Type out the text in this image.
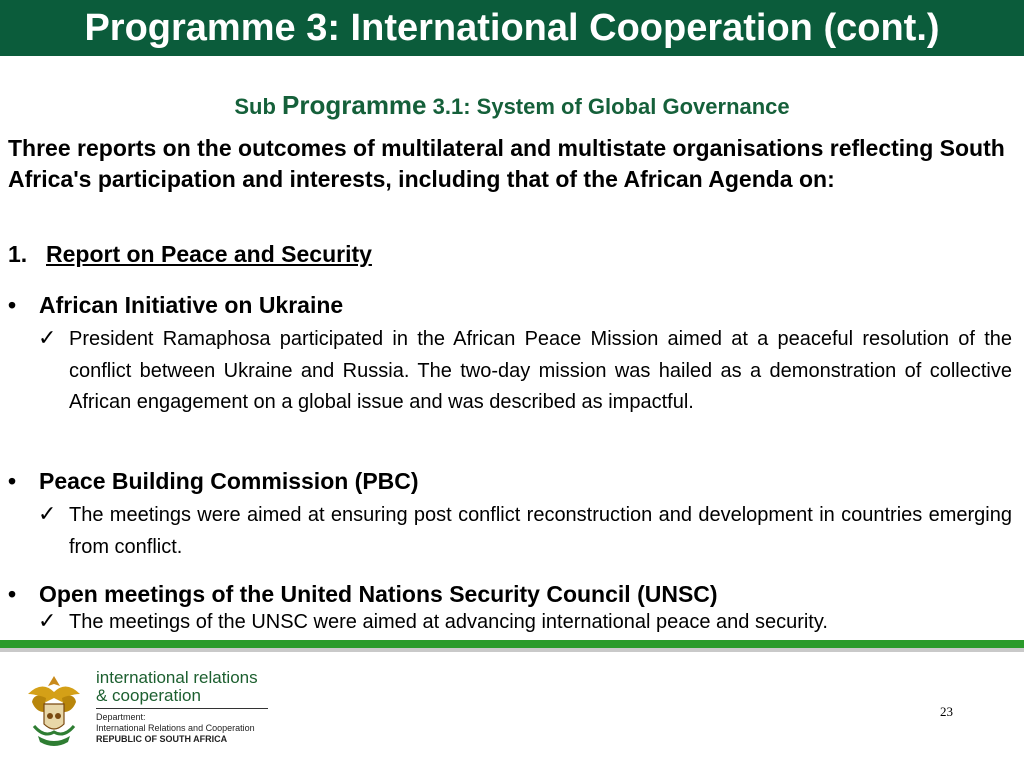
Programme 3: International Cooperation (cont.)
Sub Programme 3.1: System of Global Governance
Three reports on the outcomes of multilateral and multistate organisations reflecting South Africa's participation and interests, including that of the African Agenda on:
1. Report on Peace and Security
• African Initiative on Ukraine
✓ President Ramaphosa participated in the African Peace Mission aimed at a peaceful resolution of the conflict between Ukraine and Russia. The two-day mission was hailed as a demonstration of collective African engagement on a global issue and was described as impactful.
• Peace Building Commission (PBC)
✓ The meetings were aimed at ensuring post conflict reconstruction and development in countries emerging from conflict.
• Open meetings of the United Nations Security Council (UNSC)
✓ The meetings of the UNSC were aimed at advancing international peace and security.
international relations
& cooperation
Department:
International Relations and Cooperation
REPUBLIC OF SOUTH AFRICA
23
